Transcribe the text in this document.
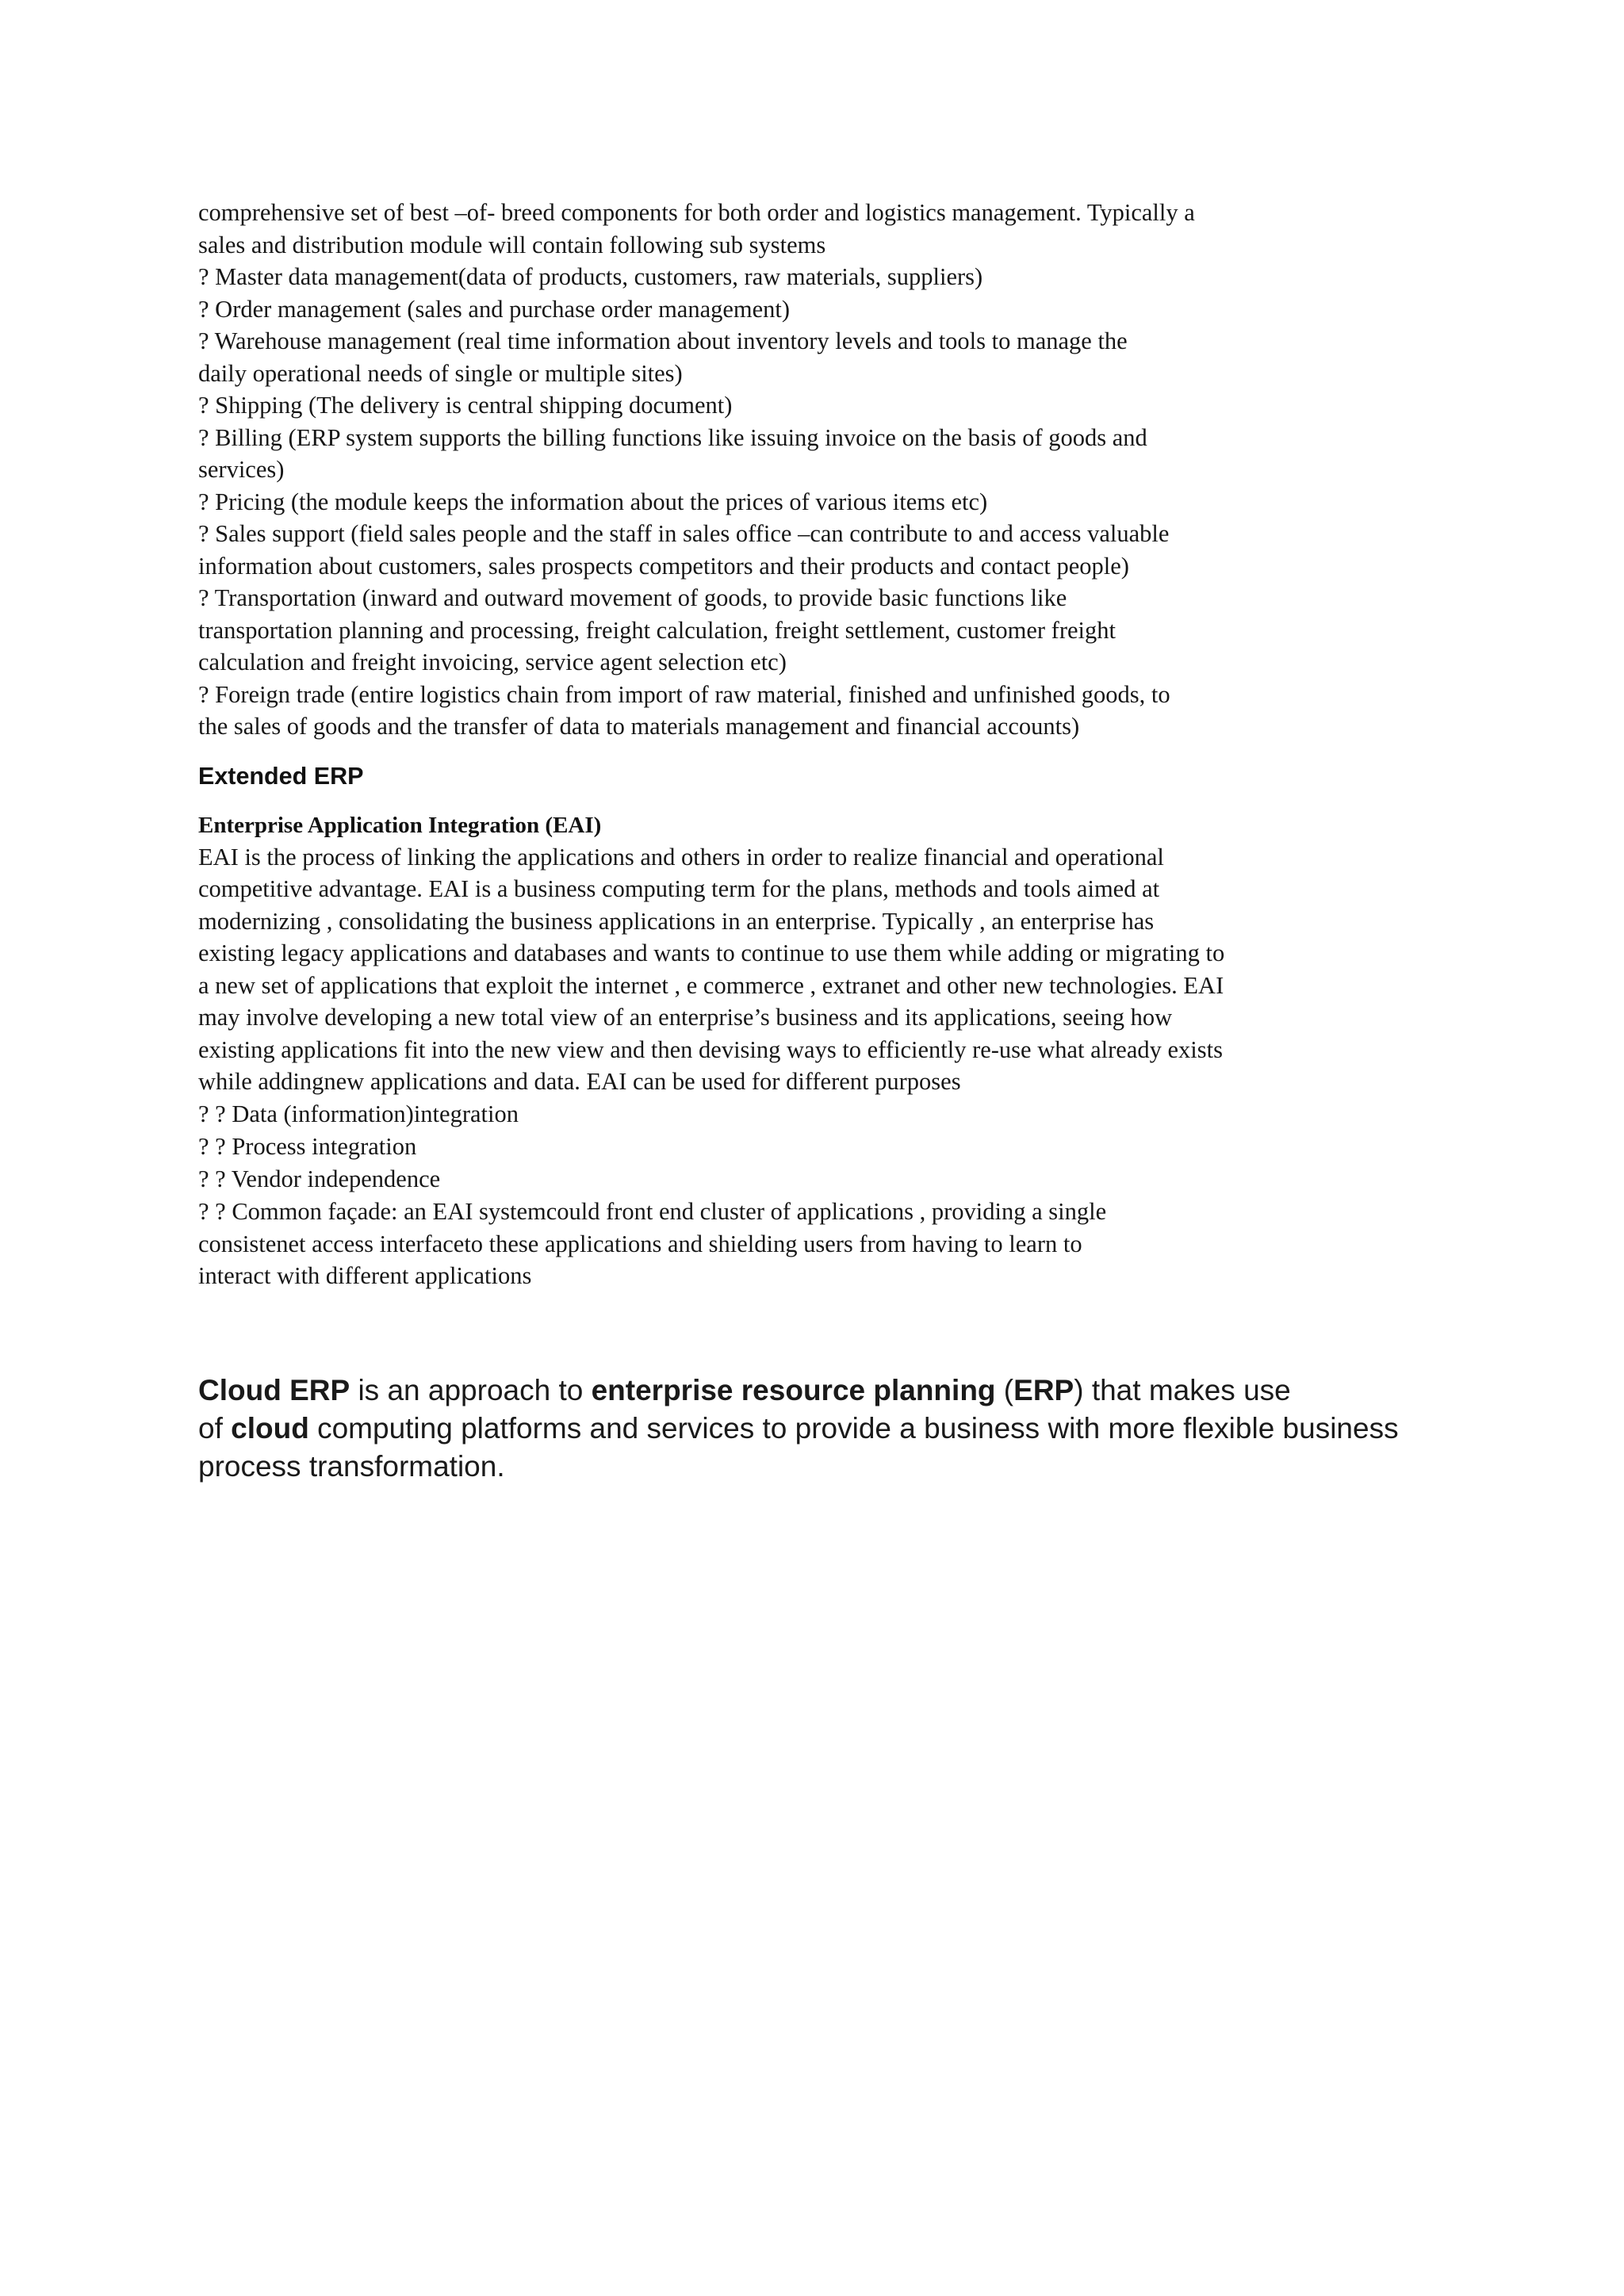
comprehensive set of best –of- breed components for both order and logistics management. Typically a
sales and distribution module will contain following sub systems
? Master data management(data of products, customers, raw materials, suppliers)
? Order management (sales and purchase order management)
? Warehouse management (real time information about inventory levels and tools to manage the
daily operational needs of single or multiple sites)
? Shipping (The delivery is central shipping document)
? Billing (ERP system supports the billing functions like issuing invoice on the basis of goods and
services)
? Pricing (the module keeps the information about the prices of various items etc)
? Sales support (field sales people and the staff in sales office –can contribute to and access valuable
information about customers, sales prospects competitors and their products and contact people)
? Transportation (inward and outward movement of goods, to provide basic functions like
transportation planning and processing, freight calculation, freight settlement, customer freight
calculation and freight invoicing, service agent selection etc)
? Foreign trade (entire logistics chain from import of raw material, finished and unfinished goods, to
the sales of goods and the transfer of data to materials management and financial accounts)
Extended ERP
Enterprise Application Integration (EAI)
EAI is the process of linking the applications and others in order to realize financial and operational
competitive advantage. EAI is a business computing term for the plans, methods and tools aimed at
modernizing , consolidating the business applications in an enterprise. Typically , an enterprise has
existing legacy applications and databases and wants to continue to use them while adding or migrating to
a new set of applications that exploit the internet , e commerce , extranet and other new technologies. EAI
may involve developing a new total view of an enterprise’s business and its applications, seeing how
existing applications fit into the new view and then devising ways to efficiently re-use what already exists
while addingnew applications and data. EAI can be used for different purposes
? ? Data (information)integration
? ? Process integration
? ? Vendor independence
? ? Common façade: an EAI systemcould front end cluster of applications , providing a single
consistenet access interfaceto these applications and shielding users from having to learn to
interact with different applications
Cloud ERP is an approach to enterprise resource planning (ERP) that makes use
of cloud computing platforms and services to provide a business with more flexible business
process transformation.
